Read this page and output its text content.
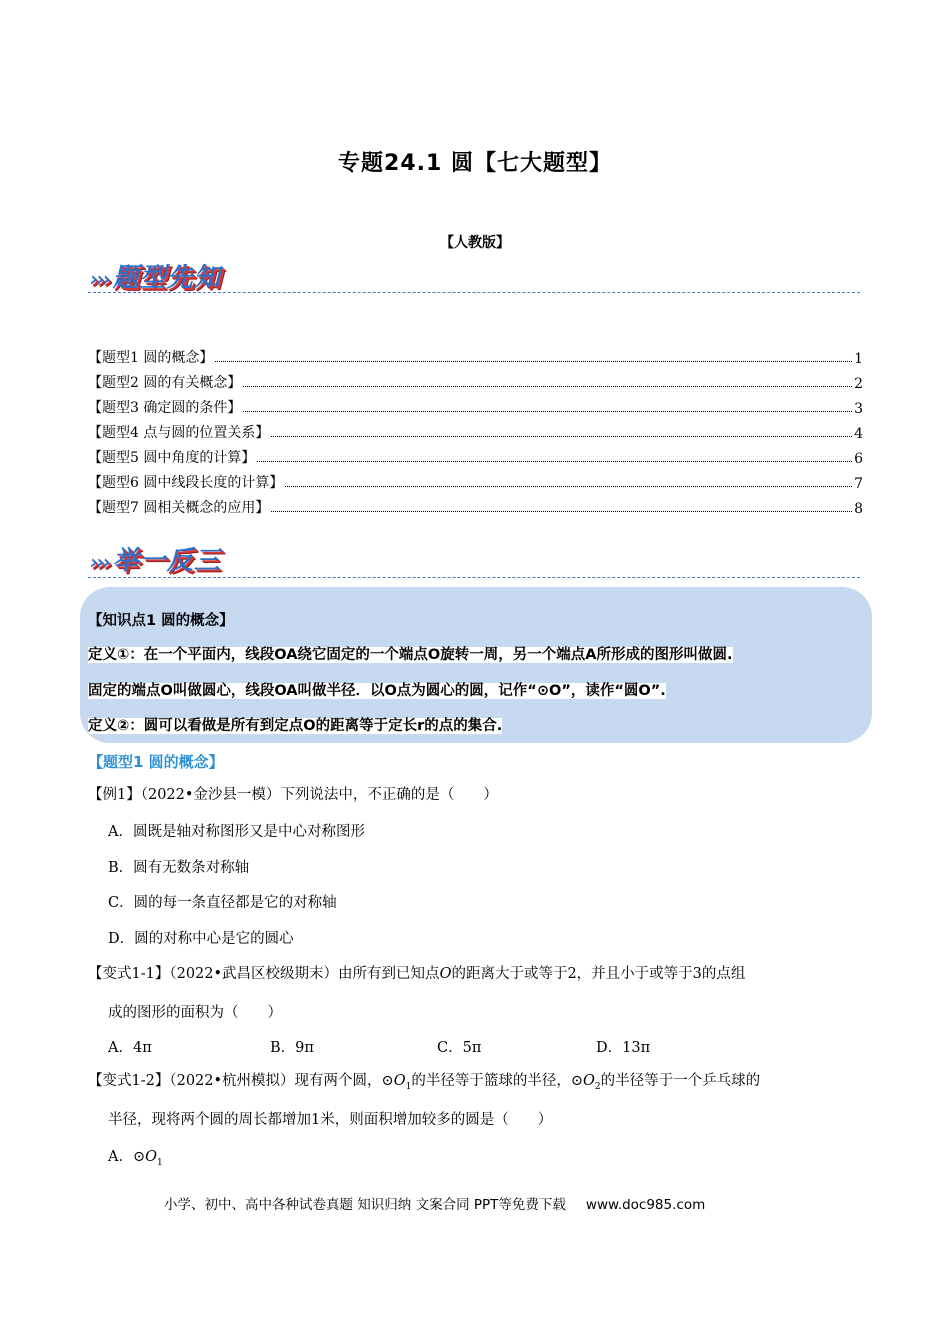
专题24.1 圆【七大题型】
【人教版】
››› 题型先知
【题型1 圆的概念】	1
【题型2 圆的有关概念】	2
【题型3 确定圆的条件】	3
【题型4 点与圆的位置关系】	4
【题型5 圆中角度的计算】	6
【题型6 圆中线段长度的计算】	7
【题型7 圆相关概念的应用】	8
››› 举一反三
【知识点1 圆的概念】
定义①：在一个平面内，线段OA绕它固定的一个端点O旋转一周，另一个端点A所形成的图形叫做圆.
固定的端点O叫做圆心，线段OA叫做半径．以O点为圆心的圆，记作“⊙O”，读作“圆O”.
定义②：圆可以看做是所有到定点O的距离等于定长r的点的集合.
【题型1 圆的概念】
【例1】（2022•金沙县一模）下列说法中，不正确的是（　　）
A．圆既是轴对称图形又是中心对称图形
B．圆有无数条对称轴
C．圆的每一条直径都是它的对称轴
D．圆的对称中心是它的圆心
【变式1-1】（2022•武昌区校级期末）由所有到已知点O的距离大于或等于2，并且小于或等于3的点组
成的图形的面积为（　　）
A．4π	B．9π	C．5π	D．13π
【变式1-2】（2022•杭州模拟）现有两个圆，$⊙O_1$的半径等于篮球的半径，$⊙O_2$的半径等于一个乒乓球的
半径，现将两个圆的周长都增加1米，则面积增加较多的圆是（　　）
A．$⊙O_1$
小学、初中、高中各种试卷真题 知识归纳 文案合同 PPT等免费下载 www.doc985.com
